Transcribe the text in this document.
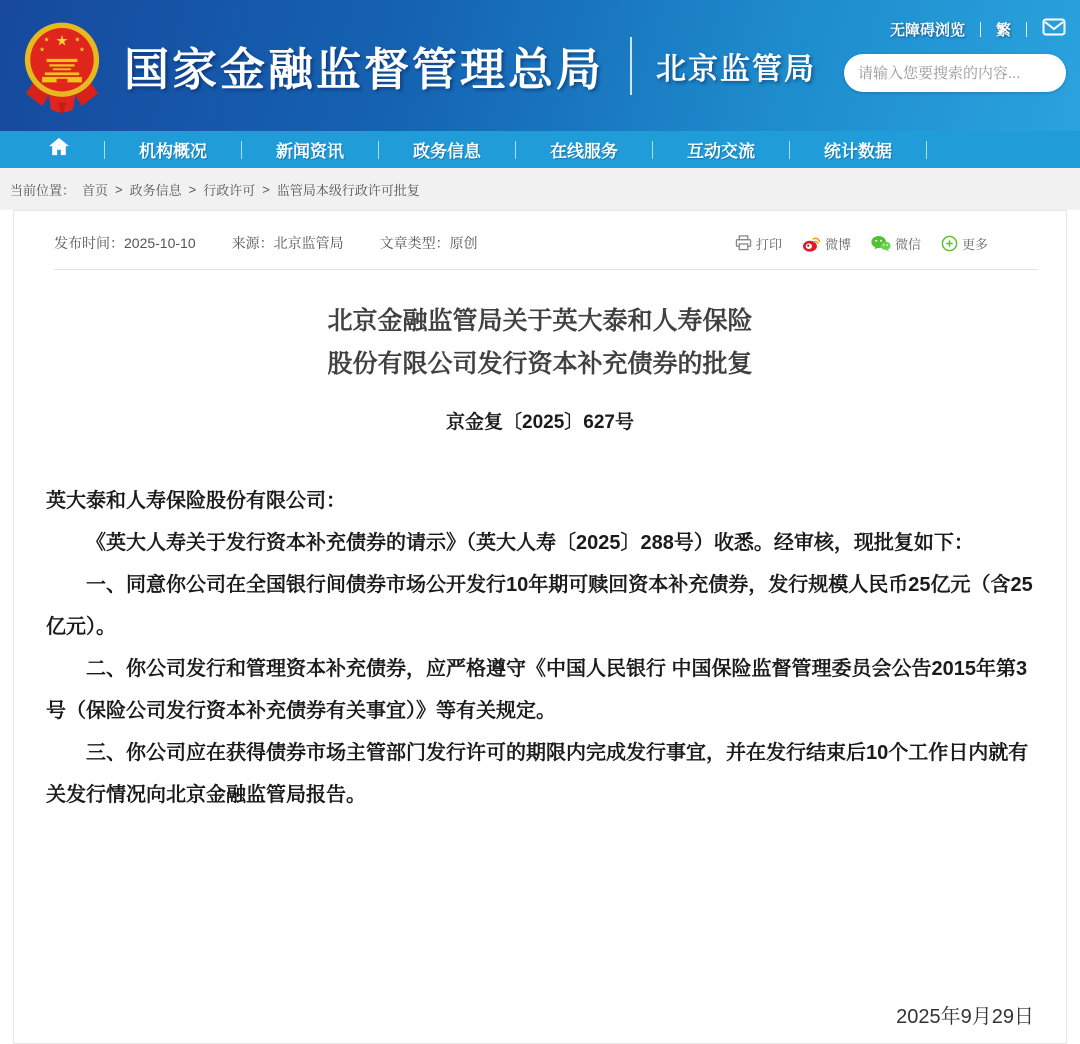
★
★	★
★	★ 国家金融监督管理总局 北京监管局
无障碍浏览 繁
请输入您要搜索的内容...
机构概况	新闻资讯	政务信息	在线服务	互动交流	统计数据
当前位置： 首页 > 政务信息 > 行政许可 > 监管局本级行政许可批复
发布时间：2025-10-10	来源：北京监管局	文章类型：原创	打印	微博	微信	更多
北京金融监管局关于英大泰和人寿保险
股份有限公司发行资本补充债券的批复
京金复〔2025〕627号

英大泰和人寿保险股份有限公司：

《英大人寿关于发行资本补充债券的请示》（英大人寿〔2025〕288号）收悉。经审核，现批复如下：

一、同意你公司在全国银行间债券市场公开发行10年期可赎回资本补充债券，发行规模人民币25亿元（含25亿元）。

二、你公司发行和管理资本补充债券，应严格遵守《中国人民银行 中国保险监督管理委员会公告2015年第3号（保险公司发行资本补充债券有关事宜）》等有关规定。

三、你公司应在获得债券市场主管部门发行许可的期限内完成发行事宜，并在发行结束后10个工作日内就有关发行情况向北京金融监管局报告。

2025年9月29日
